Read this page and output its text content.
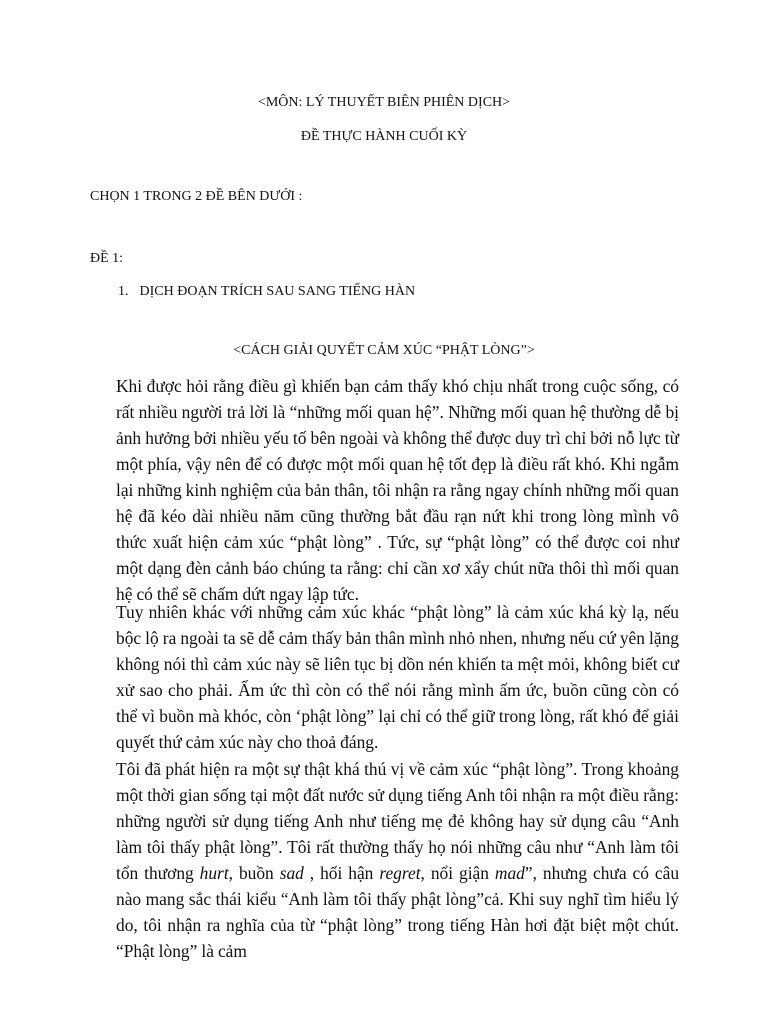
<MÔN: LÝ THUYẾT BIÊN PHIÊN DỊCH>
ĐỀ THỰC HÀNH CUỐI KỲ
CHỌN 1 TRONG 2 ĐỀ BÊN DƯỚI :
ĐỀ 1:
1. DỊCH ĐOẠN TRÍCH SAU SANG TIẾNG HÀN
<CÁCH GIẢI QUYẾT CẢM XÚC “PHẬT LÒNG”>

Khi được hỏi rằng điều gì khiến bạn cảm thấy khó chịu nhất trong cuộc sống, có rất nhiều người trả lời là “những mối quan hệ”. Những mối quan hệ thường dễ bị ảnh hưởng bởi nhiều yếu tố bên ngoài và không thể được duy trì chỉ bởi nỗ lực từ một phía, vậy nên để có được một mối quan hệ tốt đẹp là điều rất khó. Khi ngẫm lại những kinh nghiệm của bản thân, tôi nhận ra rằng ngay chính những mối quan hệ đã kéo dài nhiều năm cũng thường bắt đầu rạn nứt khi trong lòng mình vô thức xuất hiện cảm xúc “phật lòng” . Tức, sự “phật lòng” có thể được coi như một dạng đèn cảnh báo chúng ta rằng: chỉ cần xơ xẩy chút nữa thôi thì mối quan hệ có thể sẽ chấm dứt ngay lập tức.

Tuy nhiên khác với những cảm xúc khác “phật lòng” là cảm xúc khá kỳ lạ, nếu bộc lộ ra ngoài ta sẽ dễ cảm thấy bản thân mình nhỏ nhen, nhưng nếu cứ yên lặng không nói thì cảm xúc này sẽ liên tục bị dồn nén khiến ta mệt mỏi, không biết cư xử sao cho phải. Ấm ức thì còn có thể nói rằng mình ấm ức, buồn cũng còn có thể vì buồn mà khóc, còn ‘phật lòng” lại chỉ có thể giữ trong lòng, rất khó để giải quyết thứ cảm xúc này cho thoả đáng.

Tôi đã phát hiện ra một sự thật khá thú vị về cảm xúc “phật lòng”. Trong khoảng một thời gian sống tại một đất nước sử dụng tiếng Anh tôi nhận ra một điều rằng: những người sử dụng tiếng Anh như tiếng mẹ đẻ không hay sử dụng câu “Anh làm tôi thấy phật lòng”. Tôi rất thường thấy họ nói những câu như “Anh làm tôi tổn thương hurt, buồn sad , hối hận regret, nổi giận mad”, nhưng chưa có câu nào mang sắc thái kiểu “Anh làm tôi thấy phật lòng”cả. Khi suy nghĩ tìm hiểu lý do, tôi nhận ra nghĩa của từ “phật lòng” trong tiếng Hàn hơi đặt biệt một chút. “Phật lòng” là cảm
